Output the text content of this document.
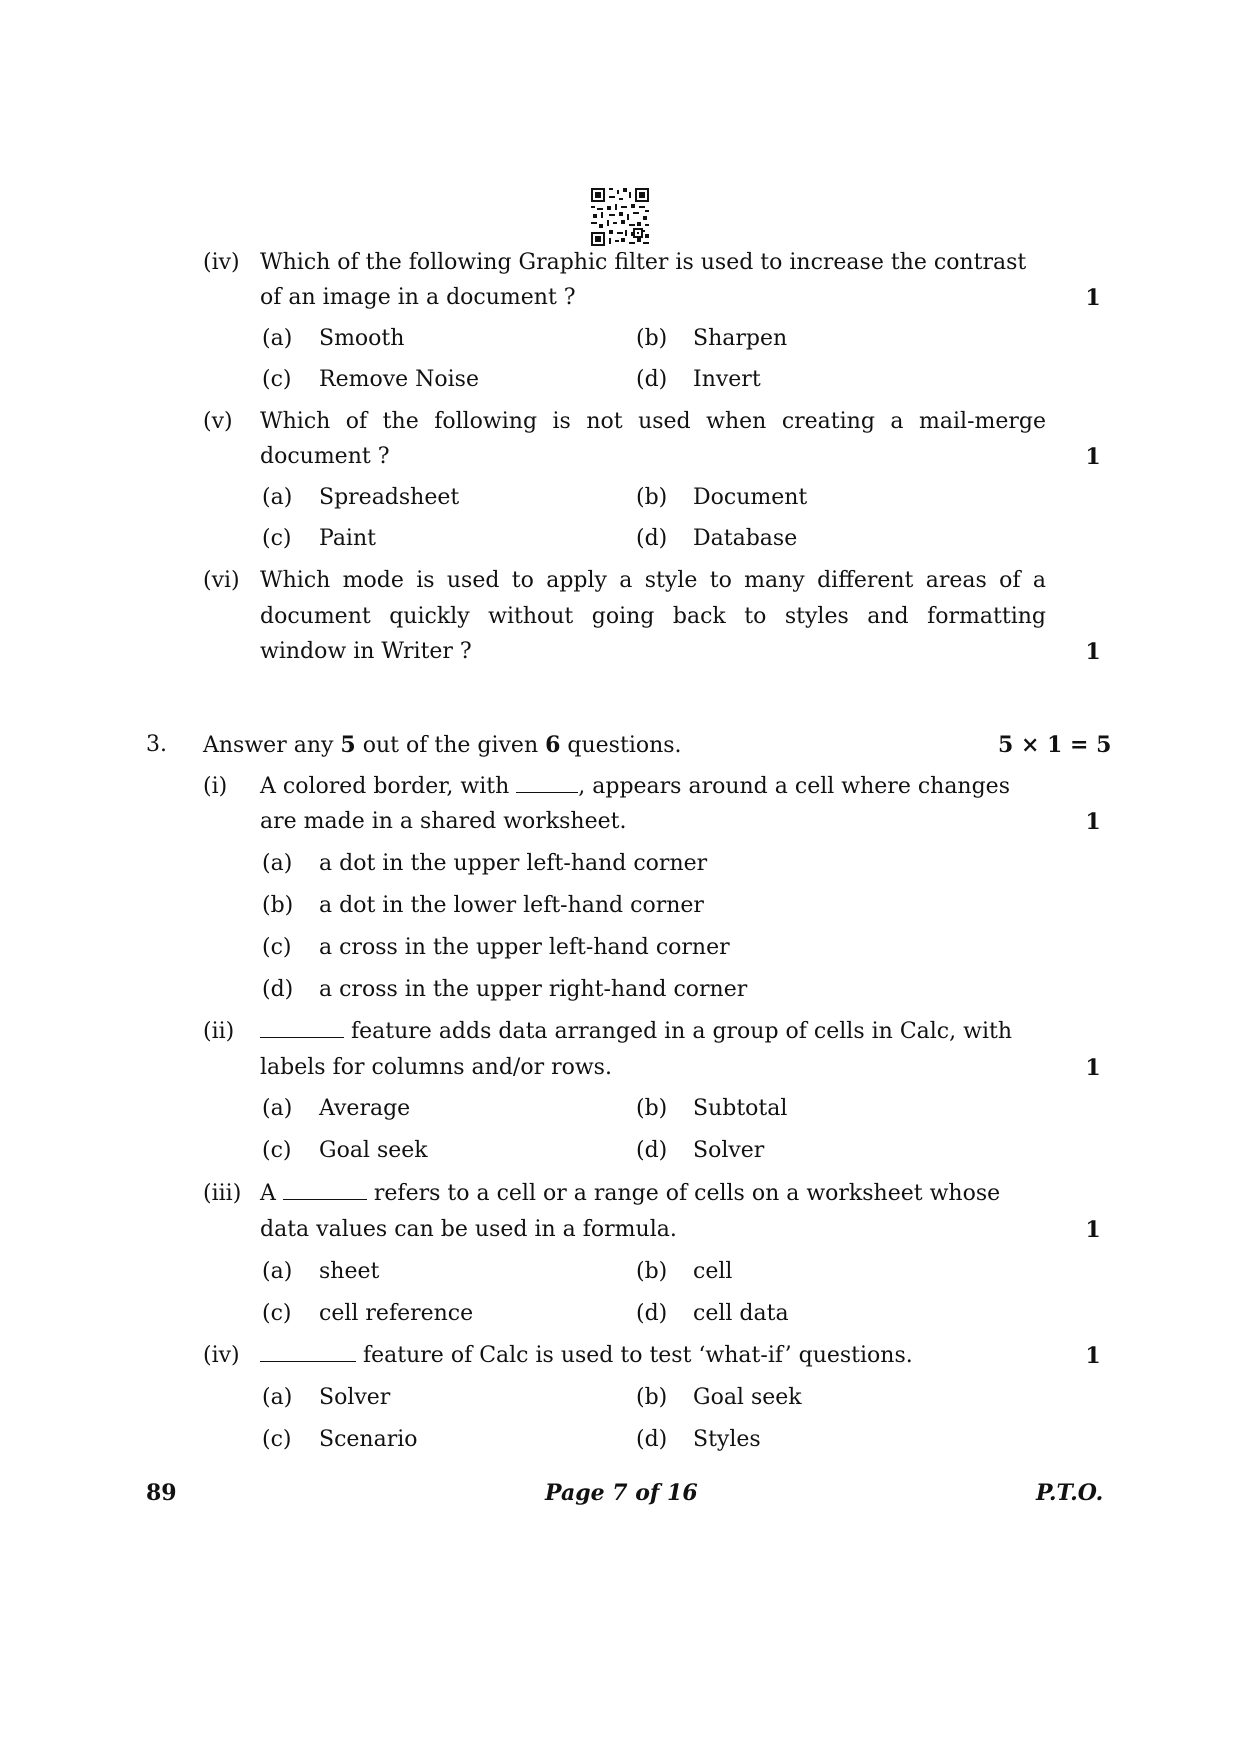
(iv) Which of the following Graphic filter is used to increase the contrast
of an image in a document ?	1
(a) Smooth	(b) Sharpen
(c) Remove Noise	(d) Invert
(v) Which of the following is not used when creating a mail-merge
document ?	1
(a) Spreadsheet	(b) Document
(c) Paint	(d) Database
(vi) Which mode is used to apply a style to many different areas of a
document quickly without going back to styles and formatting
window in Writer ?	1
3. Answer any 5 out of the given 6 questions.	5 × 1 = 5
(i) A colored border, with	, appears around a cell where changes
are made in a shared worksheet.	1
(a) a dot in the upper left-hand corner
(b) a dot in the lower left-hand corner
(c) a cross in the upper left-hand corner
(d) a cross in the upper right-hand corner
(ii)	feature adds data arranged in a group of cells in Calc, with
labels for columns and/or rows.	1
(a) Average	(b) Subtotal
(c) Goal seek	(d) Solver
(iii) A	refers to a cell or a range of cells on a worksheet whose
data values can be used in a formula.	1
(a) sheet	(b) cell
(c) cell reference	(d) cell data
(iv)	feature of Calc is used to test ‘what-if’ questions.	1
(a) Solver	(b) Goal seek
(c) Scenario	(d) Styles
89	Page 7 of 16	P.T.O.
